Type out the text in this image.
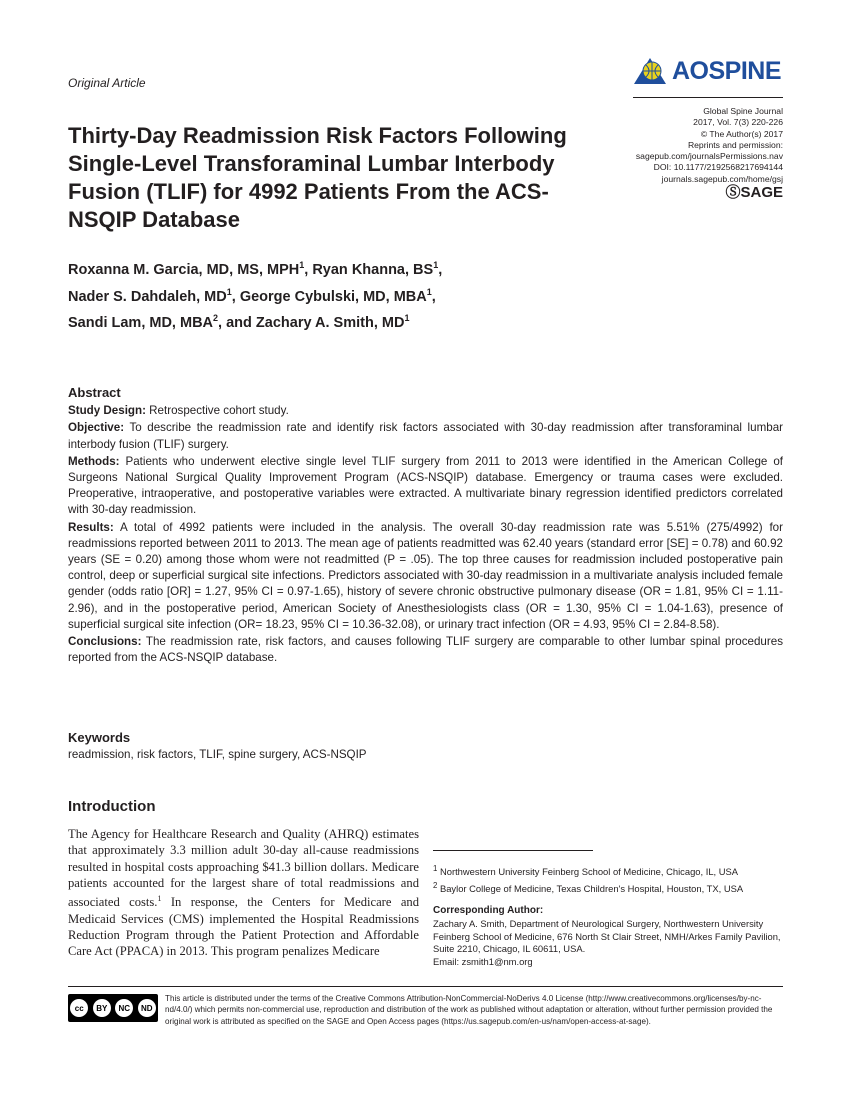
Original Article	AOSPINE
Global Spine Journal
2017, Vol. 7(3) 220-226
© The Author(s) 2017
Reprints and permission:
sagepub.com/journalsPermissions.nav
DOI: 10.1177/2192568217694144
journals.sagepub.com/home/gsj
ⓈSAGE
Thirty-Day Readmission Risk Factors Following Single-Level Transforaminal Lumbar Interbody Fusion (TLIF) for 4992 Patients From the ACS-NSQIP Database
Roxanna M. Garcia, MD, MS, MPH$^1$, Ryan Khanna, $BS^1$,
Nader S. Dahdaleh, $MD^1$, George Cybulski, MD, MBA$^1$,
Sandi Lam, MD, MBA$^2$, and Zachary A. Smith, $MD^1$
Abstract

Study Design: Retrospective cohort study.

Objective: To describe the readmission rate and identify risk factors associated with 30-day readmission after transforaminal lumbar interbody fusion (TLIF) surgery.

Methods: Patients who underwent elective single level TLIF surgery from 2011 to 2013 were identified in the American College of Surgeons National Surgical Quality Improvement Program (ACS-NSQIP) database. Emergency or trauma cases were excluded. Preoperative, intraoperative, and postoperative variables were extracted. A multivariate binary regression identified predictors correlated with 30-day readmission.

Results: A total of 4992 patients were included in the analysis. The overall 30-day readmission rate was 5.51% (275/4992) for readmissions reported between 2011 to 2013. The mean age of patients readmitted was 62.40 years (standard error [SE] = 0.78) and 60.92 years (SE = 0.20) among those whom were not readmitted (P = .05). The top three causes for readmission included postoperative pain control, deep or superficial surgical site infections. Predictors associated with 30-day readmission in a multivariate analysis included female gender (odds ratio [OR] = 1.27, 95% CI = 0.97-1.65), history of severe chronic obstructive pulmonary disease (OR = 1.81, 95% CI = 1.11-2.96), and in the postoperative period, American Society of Anesthesiologists class (OR = 1.30, 95% CI = 1.04-1.63), presence of superficial surgical site infection (OR= 18.23, 95% CI = 10.36-32.08), or urinary tract infection (OR = 4.93, 95% CI = 2.84-8.58).

Conclusions: The readmission rate, risk factors, and causes following TLIF surgery are comparable to other lumbar spinal procedures reported from the ACS-NSQIP database.

Keywords
readmission, risk factors, TLIF, spine surgery, ACS-NSQIP
Introduction
The Agency for Healthcare Research and Quality (AHRQ) estimates that approximately 3.3 million adult 30-day all-cause readmissions resulted in hospital costs approaching $41.3 billion dollars. Medicare patients accounted for the largest share of total readmissions and associated costs.$^1$ In response, the Centers for Medicare and Medicaid Services (CMS) implemented the Hospital Readmissions Reduction Program through the Patient Protection and Affordable Care Act (PPACA) in 2013. This program penalizes Medicare
$^1$ Northwestern University Feinberg School of Medicine, Chicago, IL, USA
$^2$ Baylor College of Medicine, Texas Children's Hospital, Houston, TX, USA
Corresponding Author:
Zachary A. Smith, Department of Neurological Surgery, Northwestern University Feinberg School of Medicine, 676 North St Clair Street, NMH/Arkes Family Pavilion, Suite 2210, Chicago, IL 60611, USA.
Email: zsmith1@nm.org
cc	BY	NC	ND
This article is distributed under the terms of the Creative Commons Attribution-NonCommercial-NoDerivs 4.0 License (http://www.creativecommons.org/licenses/by-nc-nd/4.0/) which permits non-commercial use, reproduction and distribution of the work as published without adaptation or alteration, without further permission provided the original work is attributed as specified on the SAGE and Open Access pages (https://us.sagepub.com/en-us/nam/open-access-at-sage).
